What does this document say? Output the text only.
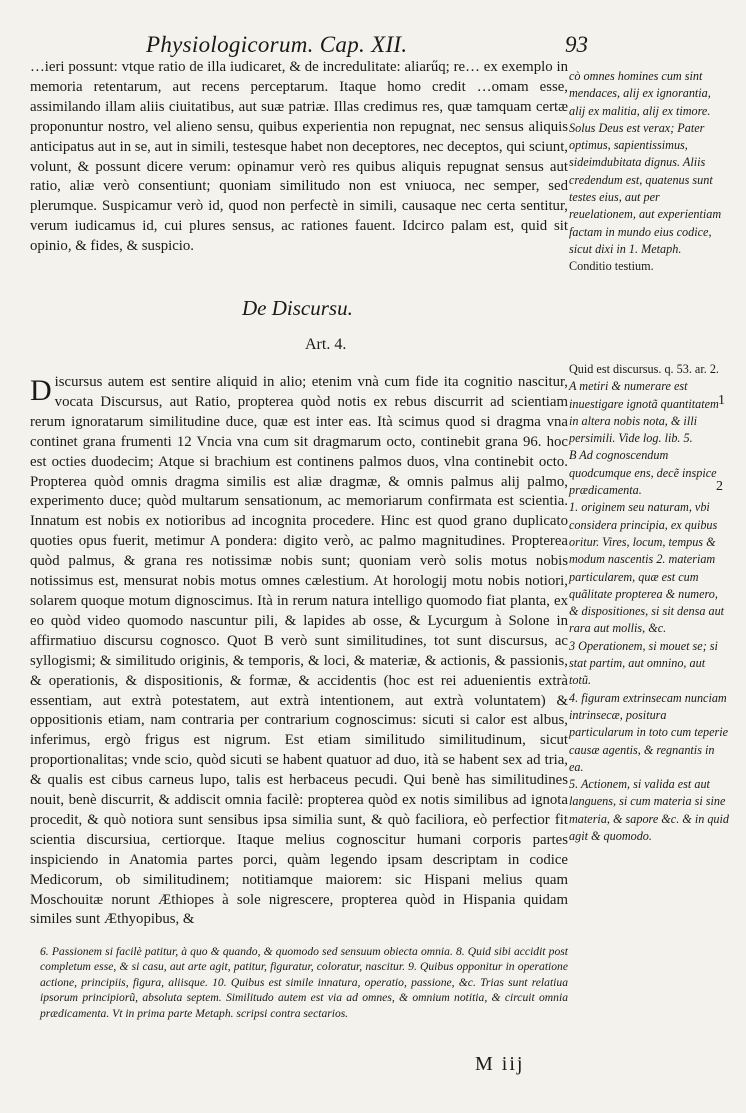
Physiologicorum. Cap. XII.	93

…ieri possunt: vtque ratio de illa iudicaret, & de incredulitate: aliarűq; re… ex exemplo in memoria retentarum, aut recens perceptarum. Itaque homo credit …omam esse, assimilando illam aliis ciuitatibus, aut suæ patriæ. Illas credimus res, quæ tamquam certæ proponuntur nostro, vel alieno sensu, quibus experientia non repugnat, nec sensus aliquis anticipatus aut in se, aut in simili, testesque habet non deceptores, nec deceptos, qui sciunt, volunt, & possunt dicere verum: opinamur verò res quibus aliquis repugnat sensus aut ratio, aliæ verò consentiunt; quoniam similitudo non est vniuoca, nec semper, sed plerumque. Suspicamur verò id, quod non perfectè in simili, causaque nec certa sentitur, verum iudicamus id, cui plures sensus, ac rationes fauent. Idcirco palam est, quid sit opinio, & fides, & suspicio.

cò omnes homines cum sint mendaces, alij ex ignorantia, alij ex malitia, alij ex timore. Solus Deus est verax; Pater optimus, sapientissimus, sideimdubitata dignus. Aliis credendum est, quatenus sunt testes eius, aut per reuelationem, aut experientiam factam in mundo eius codice, sicut dixi in 1. Metaph.

Conditio testium.

De Discursu.
Art. 4.

Discursus autem est sentire aliquid in alio; etenim vnà cum fide ita cognitio nascitur, vocata Discursus, aut Ratio, propterea quòd notis ex rebus discurrit ad scientiam rerum ignoratarum similitudine duce, quæ est inter eas. Ità scimus quod si dragma vna continet grana frumenti 12 Vncia vna cum sit dragmarum octo, continebit grana 96. hoc est octies duodecim; Atque si brachium est continens palmos duos, vlna continebit octo. Propterea quòd omnis dragma similis est aliæ dragmæ, & omnis palmus alij palmo, experimento duce; quòd multarum sensationum, ac memoriarum confirmata est scientia. Innatum est nobis ex notioribus ad incognita procedere. Hinc est quod grano duplicato quoties opus fuerit, metimur A pondera: digito verò, ac palmo magnitudines. Propterea quòd palmus, & grana res notissimæ nobis sunt; quoniam verò solis motus nobis notissimus est, mensurat nobis motus omnes cælestium. At horologij motu nobis notiori, solarem quoque motum dignoscimus. Ità in rerum natura intelligo quomodo fiat planta, ex eo quòd video quomodo nascuntur pili, & lapides ab osse, & Lycurgum à Solone in affirmatiuo discursu cognosco. Quot B verò sunt similitudines, tot sunt discursus, ac syllogismi; & similitudo originis, & temporis, & loci, & materiæ, & actionis, & passionis, & operationis, & dispositionis, & formæ, & accidentis (hoc est rei aduenientis extrà essentiam, aut extrà potestatem, aut extrà intentionem, aut extrà voluntatem) & oppositionis etiam, nam contraria per contrarium cognoscimus: sicuti si calor est albus, inferimus, ergò frigus est nigrum. Est etiam similitudo similitudinum, sicut proportionalitas; vnde scio, quòd sicuti se habent quatuor ad duo, ità se habent sex ad tria, & qualis est cibus carneus lupo, talis est herbaceus pecudi. Qui benè has similitudines nouit, benè discurrit, & addiscit omnia facilè: propterea quòd ex notis similibus ad ignota procedit, & quò notiora sunt sensibus ipsa similia sunt, & quò faciliora, eò perfectior fit scientia discursiua, certiorque. Itaque melius cognoscitur humani corporis partes inspiciendo in Anatomia partes porci, quàm legendo ipsam descriptam in codice Medicorum, ob similitudinem; notitiamque maiorem: sic Hispani melius quam Moschouitæ norunt Æthiopes à sole nigrescere, propterea quòd in Hispania quidam similes sunt Æthyopibus, &

Quid est discursus. q. 53. ar. 2.

A metiri & numerare est inuestigare ignotã quantitatem in altera nobis nota, & illi persimili. Vide log. lib. 5.

B Ad cognoscendum quodcumque ens, decẽ inspice prædicamenta.

1. originem seu naturam, vbi considera principia, ex quibus oritur. Vires, locum, tempus & modum nascentis 2. materiam particularem, quæ est cum quãlitate propterea & numero, & dispositiones, si sit densa aut rara aut mollis, &c.

3 Operationem, si mouet se; si stat partim, aut omnino, aut totũ.

4. figuram extrinsecam nunciam intrinsecæ, positura particularum in toto cum teperie causæ agentis, & regnantis in ea.

5. Actionem, si valida est aut languens, si cum materia si sine materia, & sapore &c. & in quid agit & quomodo.

1
2

6. Passionem si facilè patitur, à quo & quando, & quomodo sed sensuum obiecta omnia. 8. Quid sibi accidit post completum esse, & si casu, aut arte agit, patitur, figuratur, coloratur, nascitur. 9. Quibus opponitur in operatione actione, principiis, figura, aliisque. 10. Quibus est simile innatura, operatio, passione, &c. Trias sunt relatiua ipsorum principiorũ, absoluta septem. Similitudo autem est via ad omnes, & omnium notitia, & circuit omnia prædicamenta. Vt in prima parte Metaph. scripsi contra sectarios.

M iij
